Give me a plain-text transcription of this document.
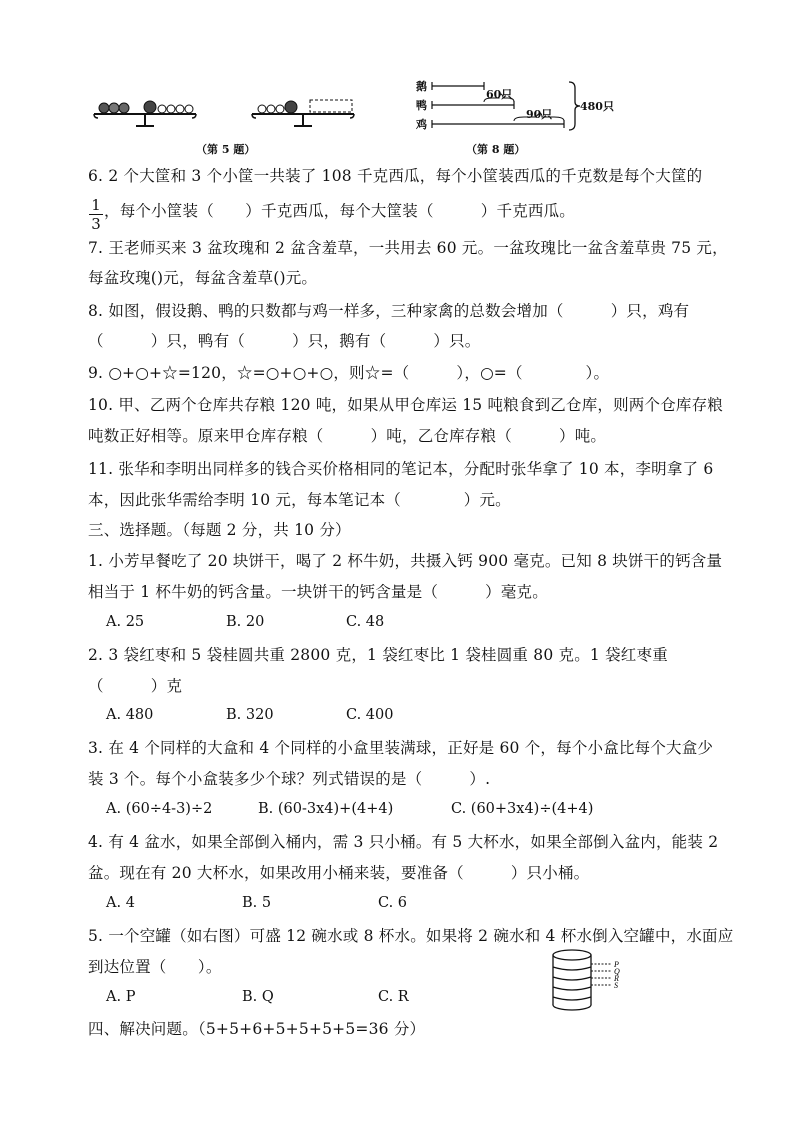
（第 5 题）
鹅
鸭
鸡
60只
90只
480只
（第 8 题）
6. 2 个大筐和 3 个小筐一共装了 108 千克西瓜，每个小筐装西瓜的千克数是每个大筐的
$\frac{1}{3}$ ，每个小筐装（　　）千克西瓜，每个大筐装（　　　）千克西瓜。
7. 王老师买来 3 盆玫瑰和 2 盆含羞草，一共用去 60 元。一盆玫瑰比一盆含羞草贵 75 元，
每盆玫瑰()元，每盆含羞草()元。
8. 如图，假设鹅、鸭的只数都与鸡一样多，三种家禽的总数会增加（　　　）只，鸡有
（　　　）只，鸭有（　　　）只，鹅有（　　　）只。
9. ○+○+☆=120，☆=○+○+○，则☆=（　　　），○=（　　　　）。
10. 甲、乙两个仓库共存粮 120 吨，如果从甲仓库运 15 吨粮食到乙仓库，则两个仓库存粮
吨数正好相等。原来甲仓库存粮（　　　）吨，乙仓库存粮（　　　）吨。
11. 张华和李明出同样多的钱合买价格相同的笔记本，分配时张华拿了 10 本，李明拿了 6
本，因此张华需给李明 10 元，每本笔记本（　　　　）元。
三、选择题。（每题 2 分，共 10 分）
1. 小芳早餐吃了 20 块饼干，喝了 2 杯牛奶，共摄入钙 900 毫克。已知 8 块饼干的钙含量
相当于 1 杯牛奶的钙含量。一块饼干的钙含量是（　　　）毫克。
A. 25	B. 20	C. 48
2. 3 袋红枣和 5 袋桂圆共重 2800 克，1 袋红枣比 1 袋桂圆重 80 克。1 袋红枣重
（　　　）克
A. 480	B. 320	C. 400
3. 在 4 个同样的大盒和 4 个同样的小盒里装满球，正好是 60 个，每个小盒比每个大盒少
装 3 个。每个小盒装多少个球？列式错误的是（　　　）.
A. (60÷4-3)÷2	B. (60-3x4)+(4+4)	C. (60+3x4)÷(4+4)
4. 有 4 盆水，如果全部倒入桶内，需 3 只小桶。有 5 大杯水，如果全部倒入盆内，能装 2
盆。现在有 20 大杯水，如果改用小桶来装，要准备（　　　）只小桶。
A. 4	B. 5	C. 6
5. 一个空罐（如右图）可盛 12 碗水或 8 杯水。如果将 2 碗水和 4 杯水倒入空罐中，水面应
到达位置（　　）。
A. P	B. Q	C. R
P
Q
R
S
四、解决问题。（5+5+6+5+5+5+5=36 分）
